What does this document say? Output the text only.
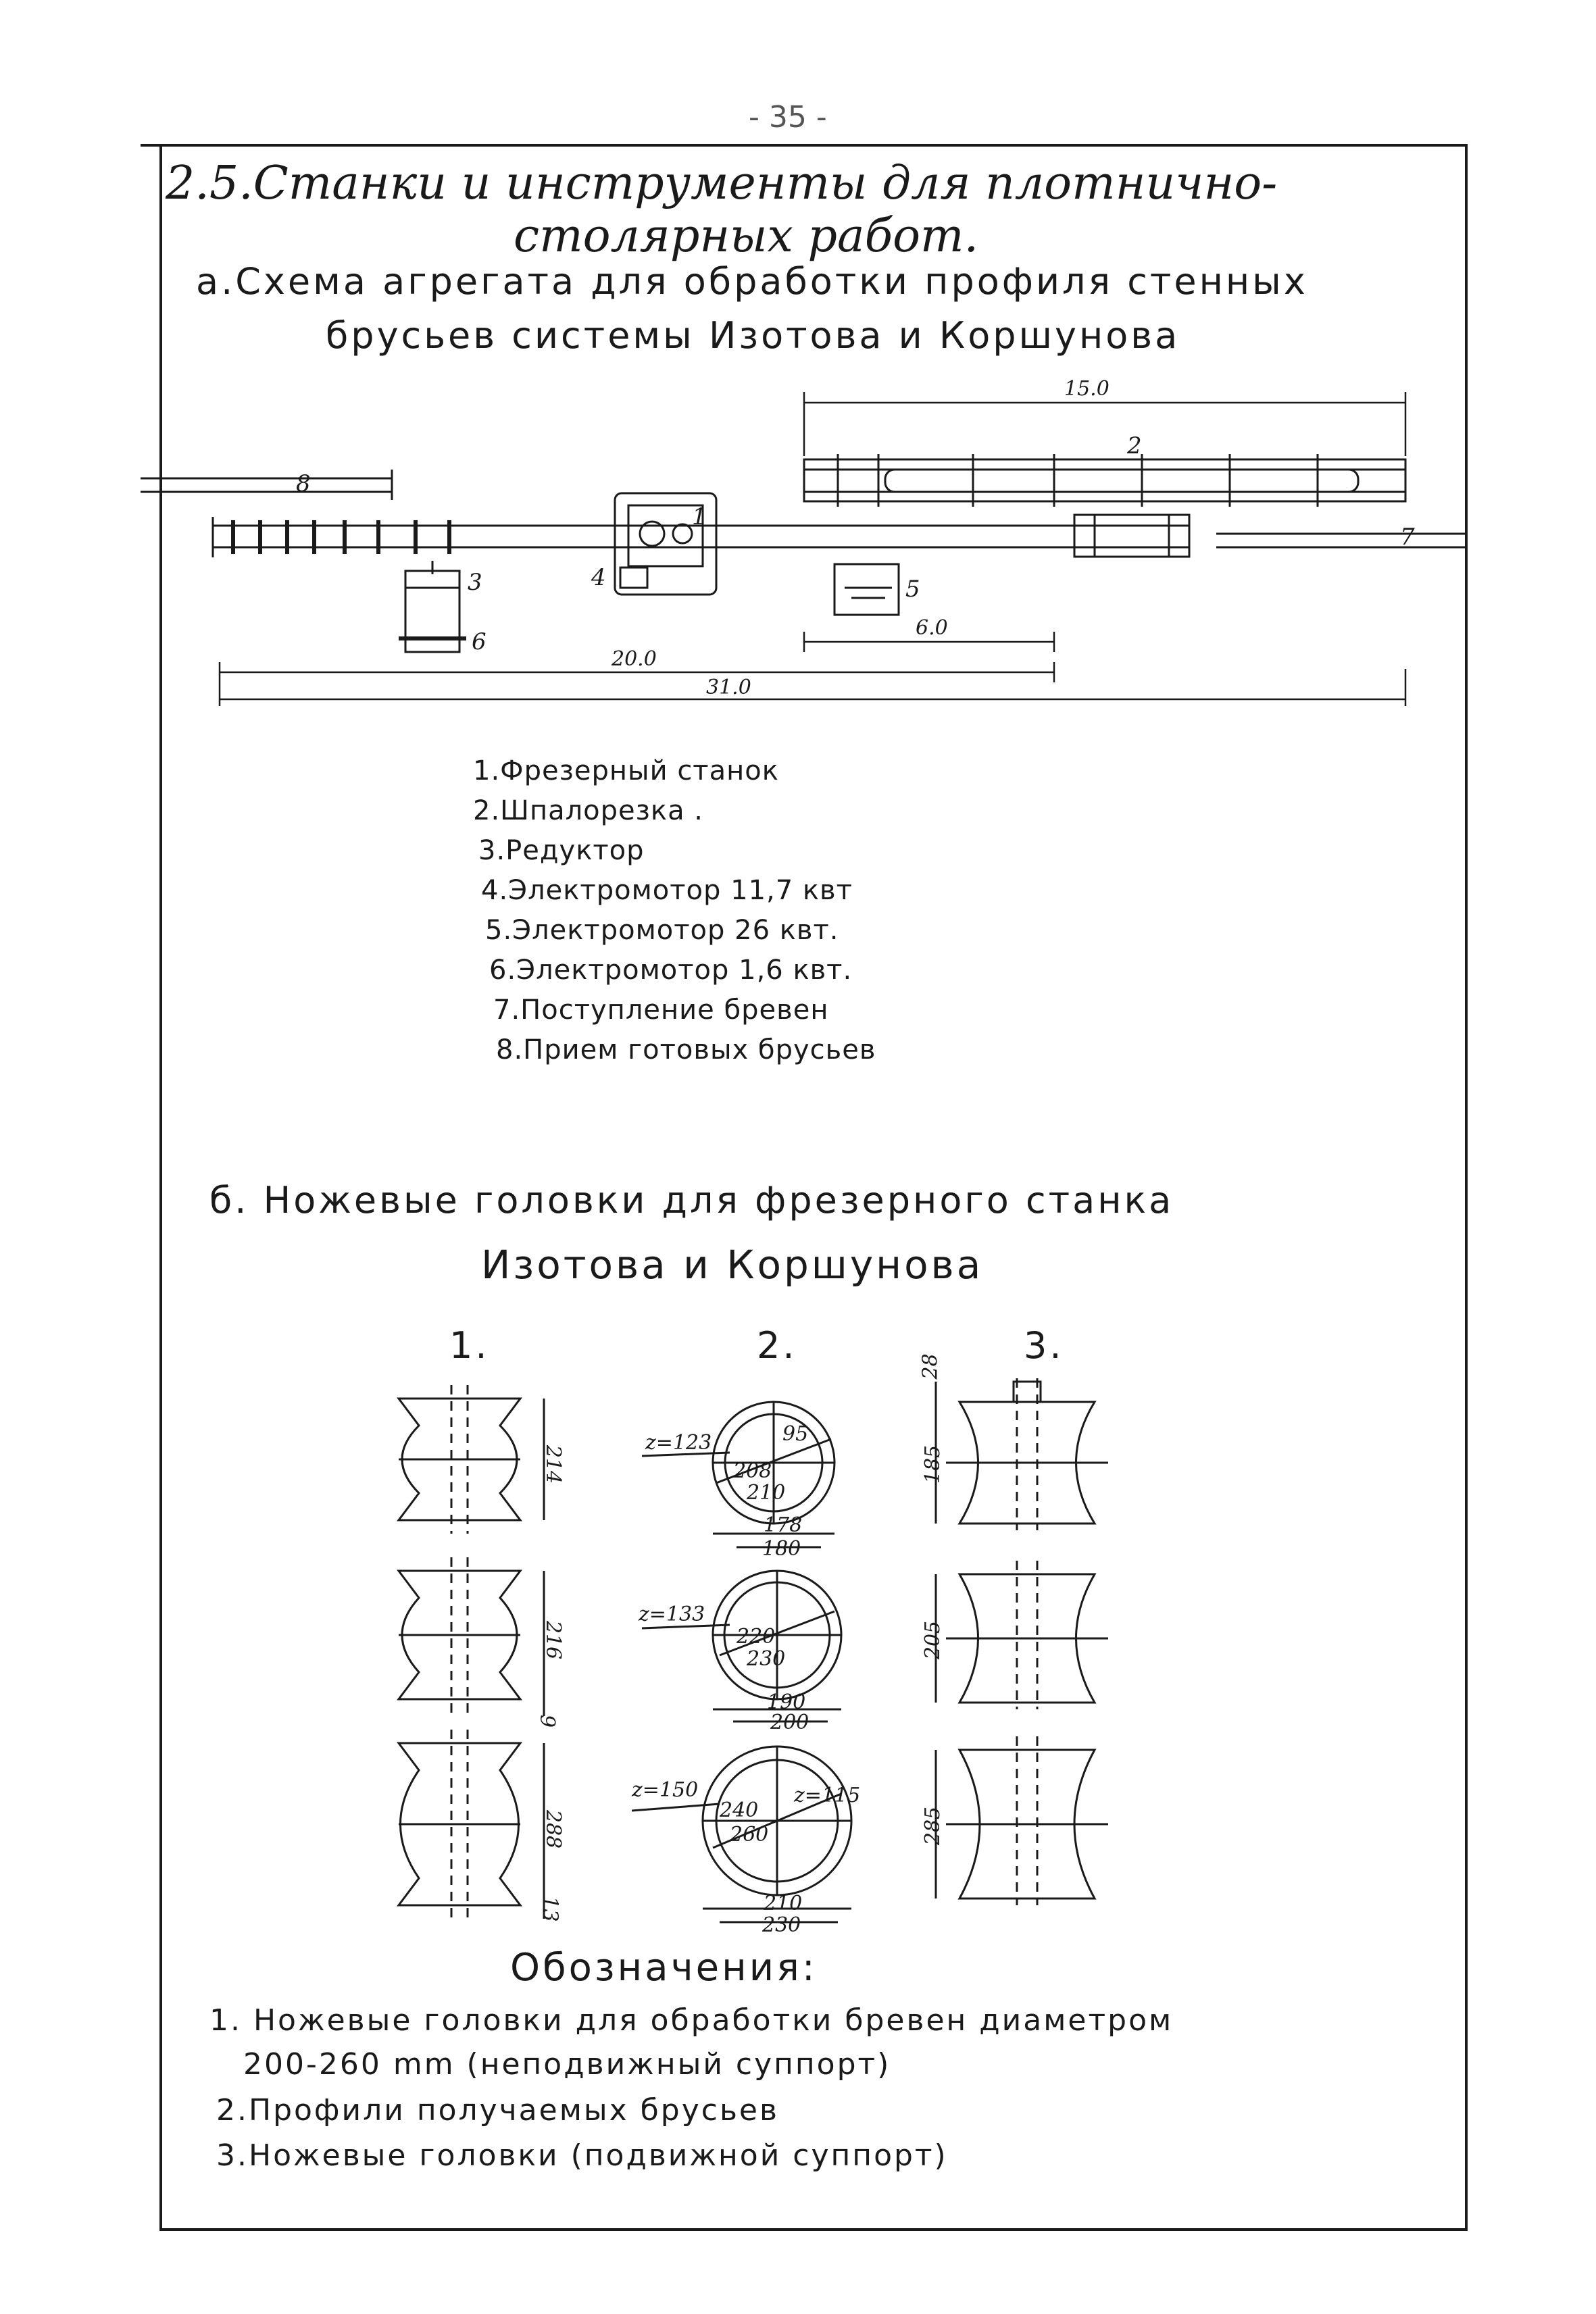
- 35 -
2.5.Станки и инструменты для плотнично-
столярных работ.
а.Схема агрегата для обработки профиля стенных
брусьев системы Изотова и Коршунова
15.0
6.0
20.0
31.0
1
2
3	4	5
6
7
8
1.Фрезерный станок
2.Шпалорезка .
3.Редуктор
4.Электромотор 11,7 квт
5.Электромотор 26 квт.
6.Электромотор 1,6 квт.
7.Поступление бревен
8.Прием готовых брусьев
б. Ножевые головки для фрезерного станка
Изотова и Коршунова
1.	2.	3.
214
216
9
288
13
z=123
208
210
95
178
180
z=133
220
230
190
200
z=150
240
260
z=115
210
230
28
185
205
285
Обозначения:
1. Ножевые головки для обработки бревен диаметром
200-260 mm (неподвижный суппорт)
2.Профили получаемых брусьев
3.Ножевые головки (подвижной суппорт)
